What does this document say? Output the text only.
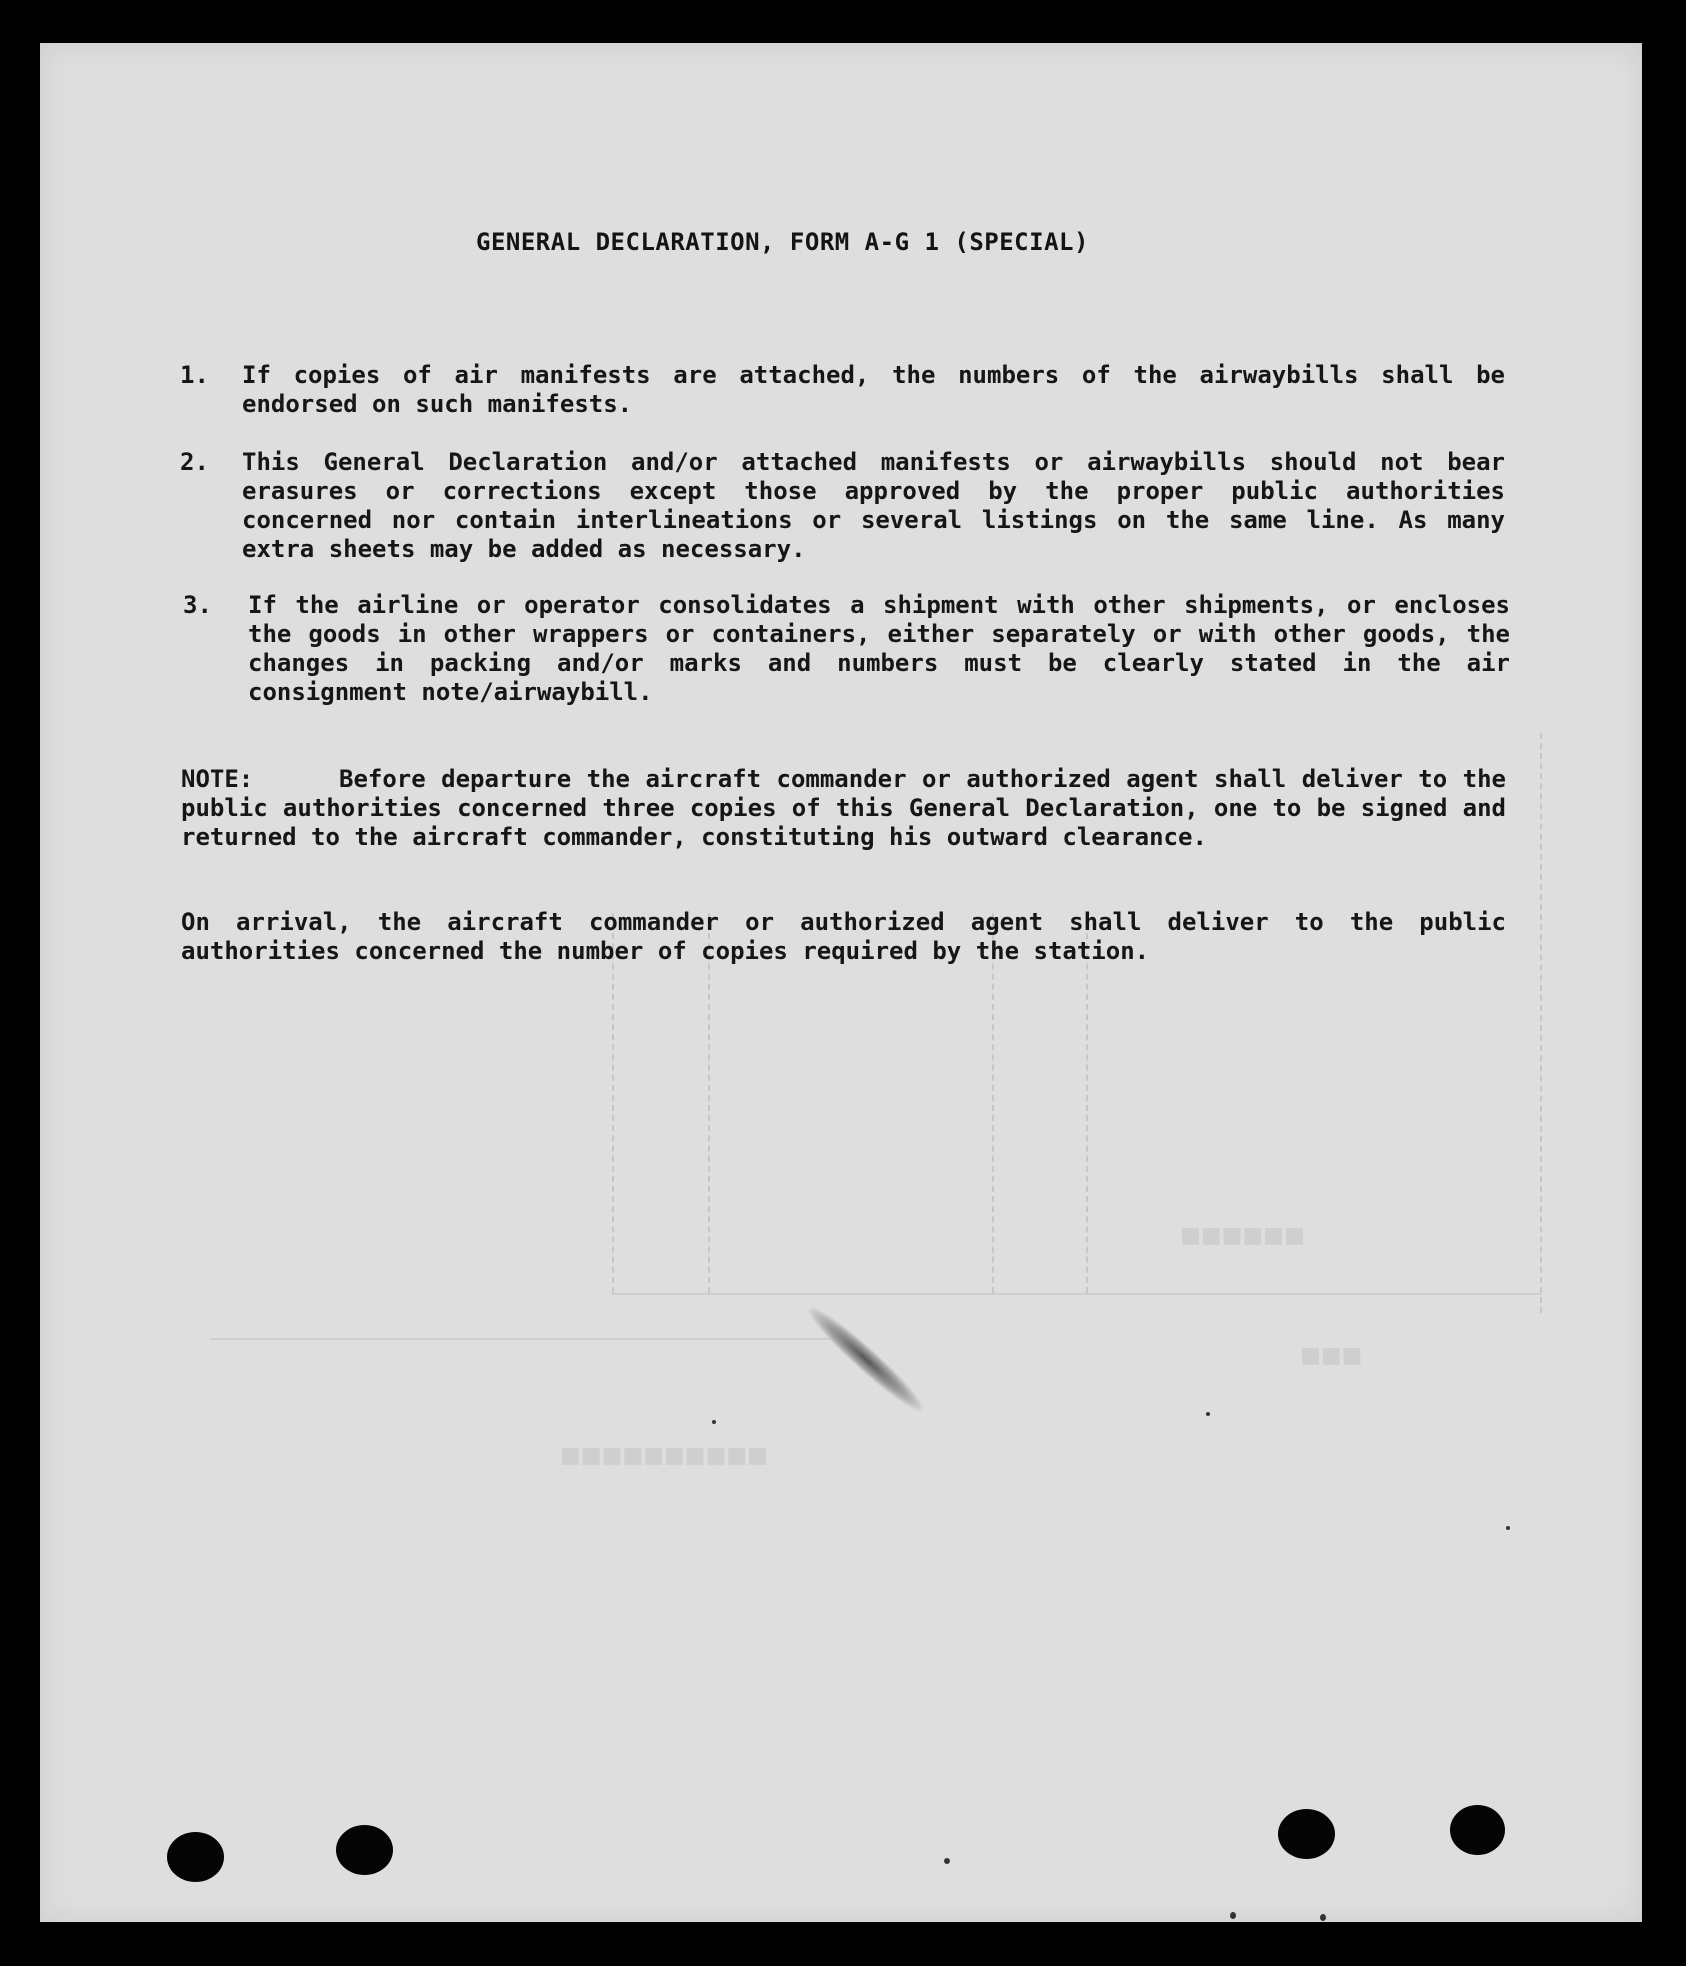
■■■■■■
■■■
■■■■■■■■■■
GENERAL DECLARATION, FORM A-G 1 (SPECIAL)
1. If copies of air manifests are attached, the numbers of the airwaybills shall be endorsed on such manifests.
2. This General Declaration and/or attached manifests or airwaybills should not bear erasures or corrections except those approved by the proper public authorities concerned nor contain interlineations or several listings on the same line. As many extra sheets may be added as necessary.
3. If the airline or operator consolidates a shipment with other shipments, or encloses the goods in other wrappers or containers, either separately or with other goods, the changes in packing and/or marks and numbers must be clearly stated in the air consignment note/airwaybill.
NOTE:	Before departure the aircraft commander or authorized agent shall deliver to the public authorities concerned three copies of this General Declaration, one to be signed and returned to the aircraft commander, constituting his outward clearance.
On arrival, the aircraft commander or authorized agent shall deliver to the public authorities concerned the number of copies required by the station.
